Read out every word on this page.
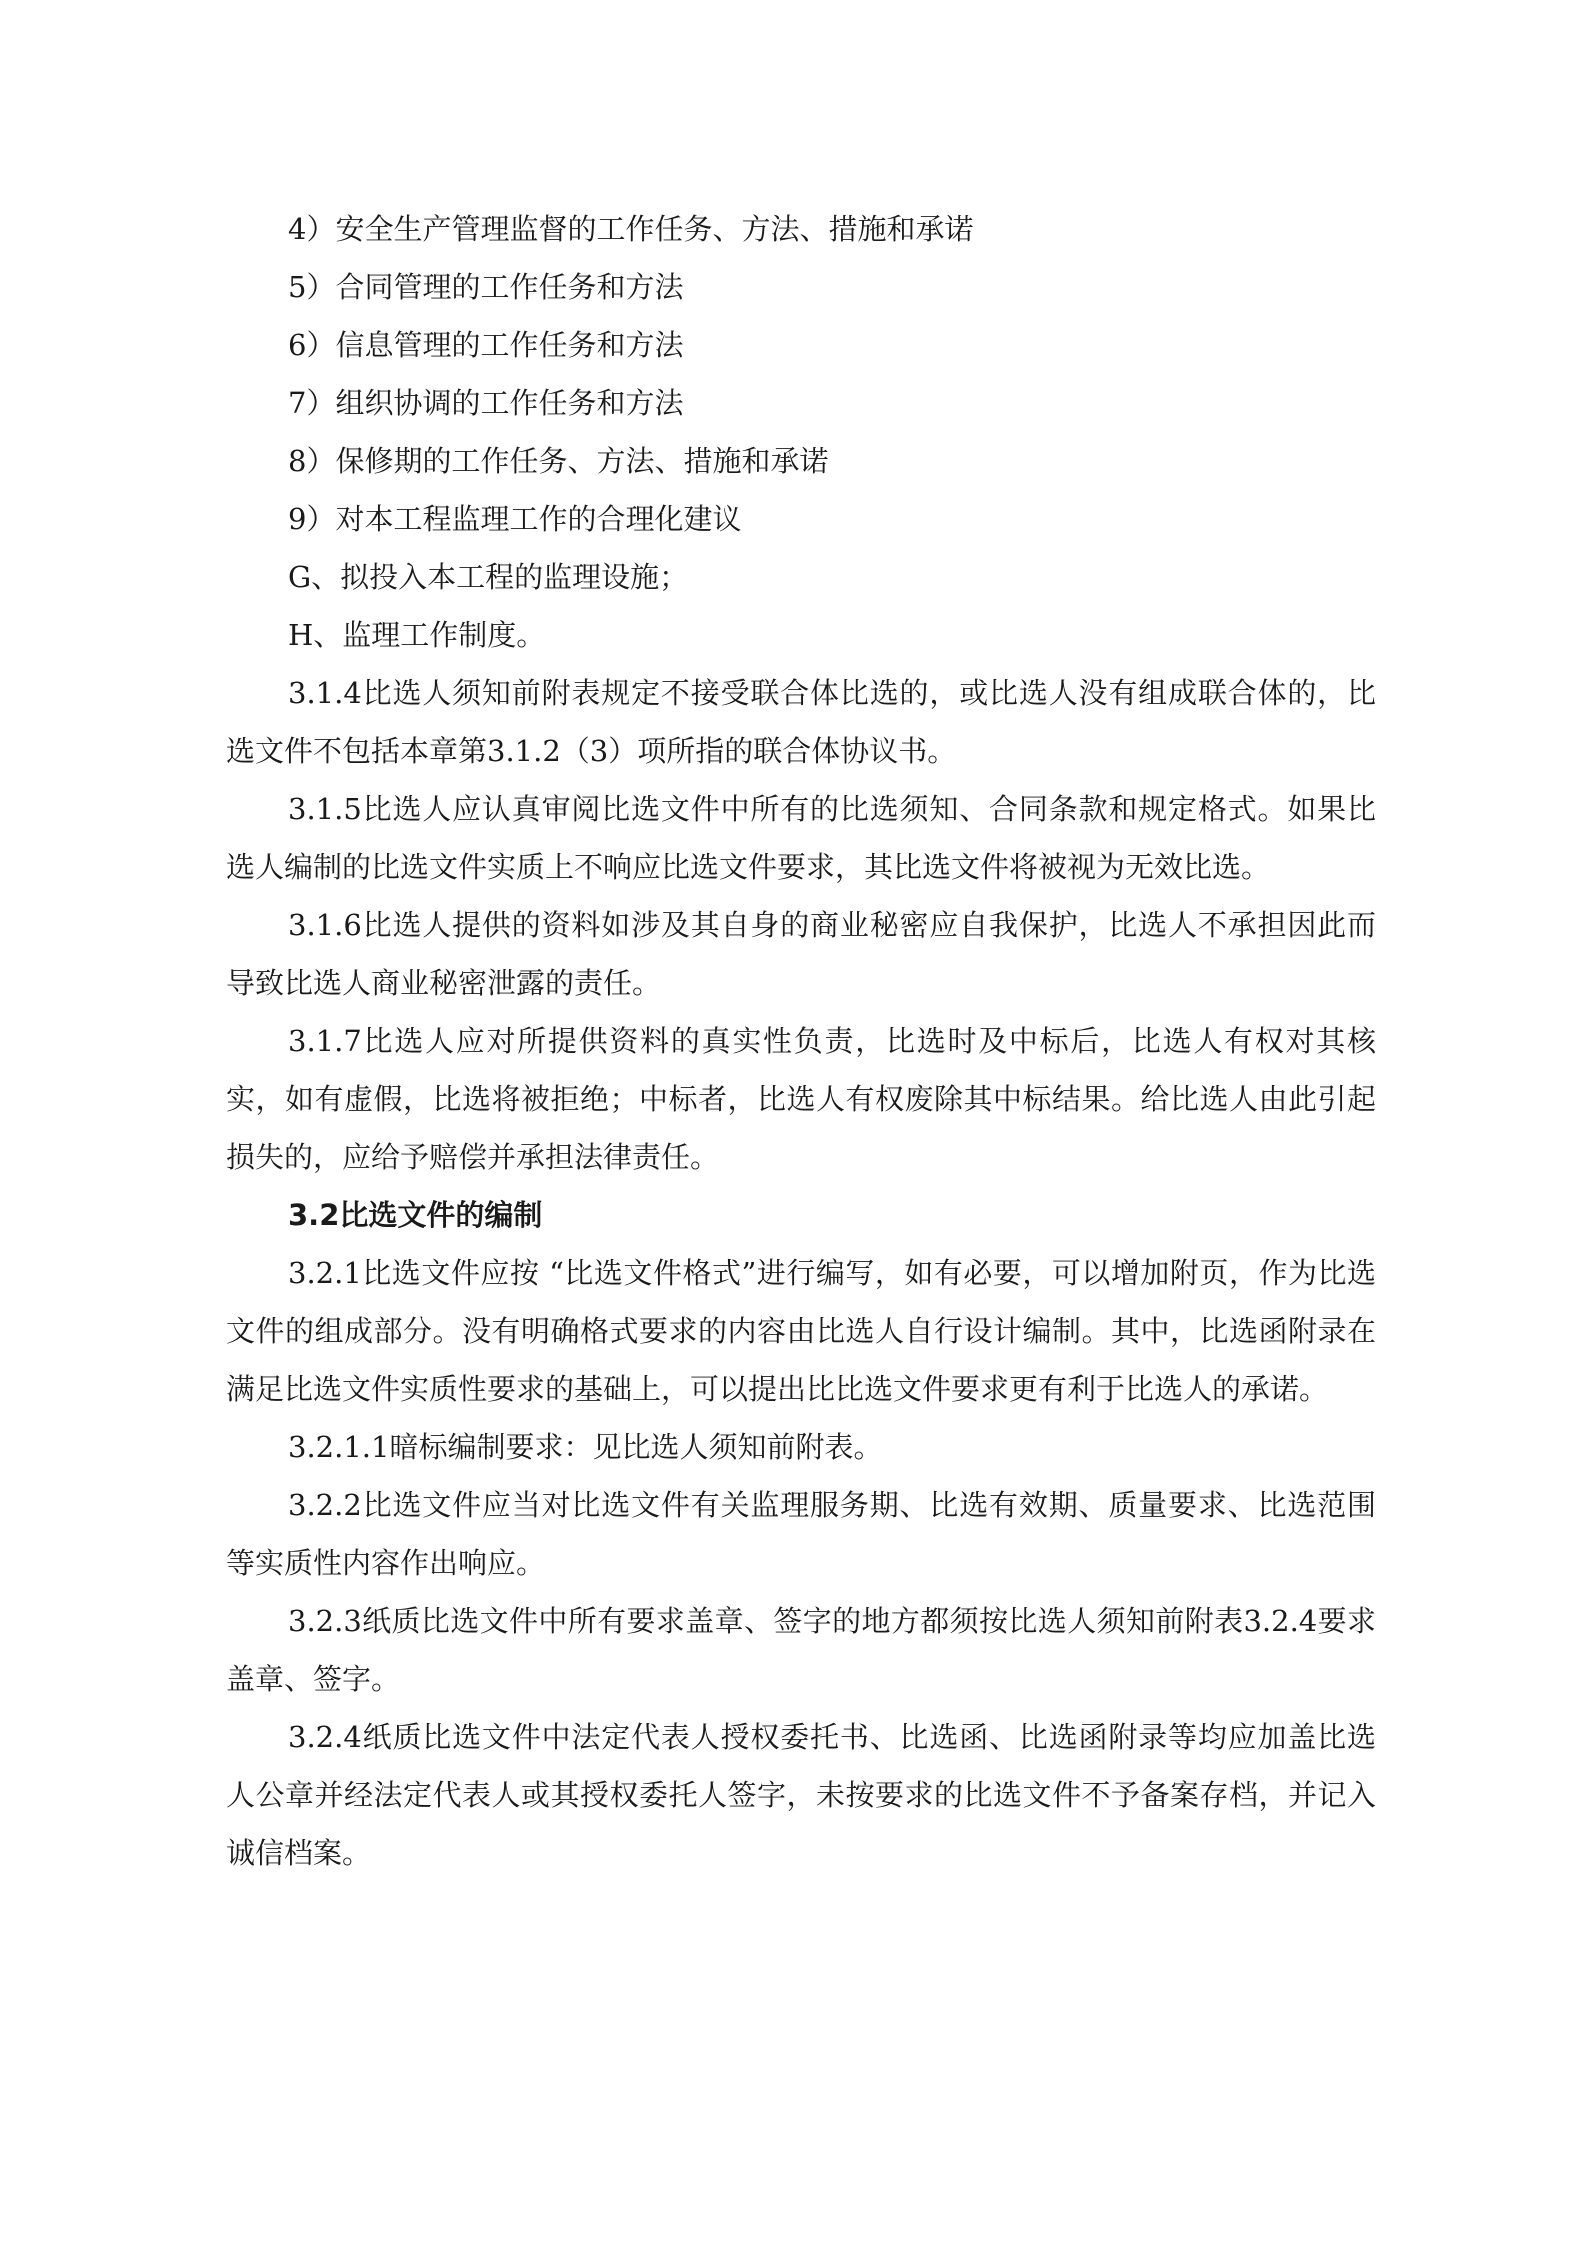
4）安全生产管理监督的工作任务、方法、措施和承诺

5）合同管理的工作任务和方法

6）信息管理的工作任务和方法

7）组织协调的工作任务和方法

8）保修期的工作任务、方法、措施和承诺

9）对本工程监理工作的合理化建议

G、拟投入本工程的监理设施；

H、监理工作制度。

3.1.4比选人须知前附表规定不接受联合体比选的，或比选人没有组成联合体的，比选文件不包括本章第3.1.2（3）项所指的联合体协议书。

3.1.5比选人应认真审阅比选文件中所有的比选须知、合同条款和规定格式。如果比选人编制的比选文件实质上不响应比选文件要求，其比选文件将被视为无效比选。

3.1.6比选人提供的资料如涉及其自身的商业秘密应自我保护，比选人不承担因此而导致比选人商业秘密泄露的责任。

3.1.7比选人应对所提供资料的真实性负责，比选时及中标后，比选人有权对其核实，如有虚假，比选将被拒绝；中标者，比选人有权废除其中标结果。给比选人由此引起损失的，应给予赔偿并承担法律责任。

3.2比选文件的编制

3.2.1比选文件应按 “比选文件格式”进行编写，如有必要，可以增加附页，作为比选文件的组成部分。没有明确格式要求的内容由比选人自行设计编制。其中，比选函附录在满足比选文件实质性要求的基础上，可以提出比比选文件要求更有利于比选人的承诺。

3.2.1.1暗标编制要求：见比选人须知前附表。

3.2.2比选文件应当对比选文件有关监理服务期、比选有效期、质量要求、比选范围等实质性内容作出响应。

3.2.3纸质比选文件中所有要求盖章、签字的地方都须按比选人须知前附表3.2.4要求盖章、签字。

3.2.4纸质比选文件中法定代表人授权委托书、比选函、比选函附录等均应加盖比选人公章并经法定代表人或其授权委托人签字，未按要求的比选文件不予备案存档，并记入诚信档案。
